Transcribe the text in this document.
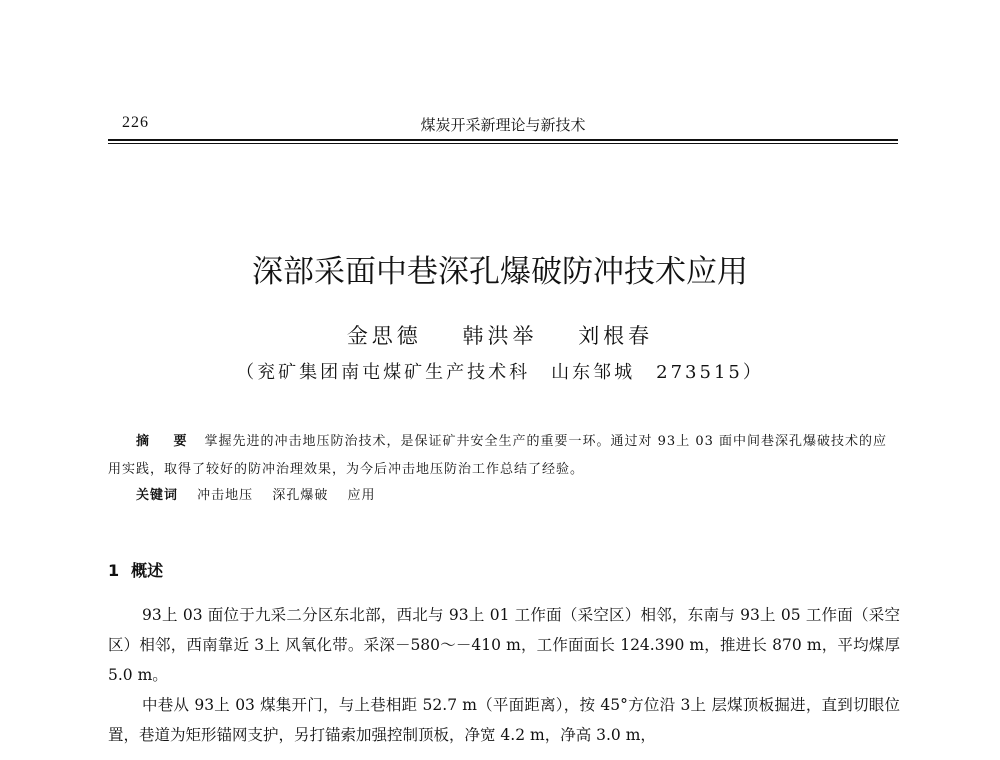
226	煤炭开采新理论与新技术
深部采面中巷深孔爆破防冲技术应用
金思德 韩洪举 刘根春
（兖矿集团南屯煤矿生产技术科　山东邹城　273515）
摘 要 掌握先进的冲击地压防治技术，是保证矿井安全生产的重要一环。通过对 93上 03 面中间巷深孔爆破技术的应用实践，取得了较好的防冲治理效果，为今后冲击地压防治工作总结了经验。
关键词 冲击地压 深孔爆破 应用
1 概述

93上 03 面位于九采二分区东北部，西北与 93上 01 工作面（采空区）相邻，东南与 93上 05 工作面（采空区）相邻，西南靠近 3上 风氧化带。采深－580～－410 m，工作面面长 124.390 m，推进长 870 m，平均煤厚 5.0 m。

中巷从 93上 03 煤集开门，与上巷相距 52.7 m（平面距离），按 45°方位沿 3上 层煤顶板掘进，直到切眼位置，巷道为矩形锚网支护，另打锚索加强控制顶板，净宽 4.2 m，净高 3.0 m，
